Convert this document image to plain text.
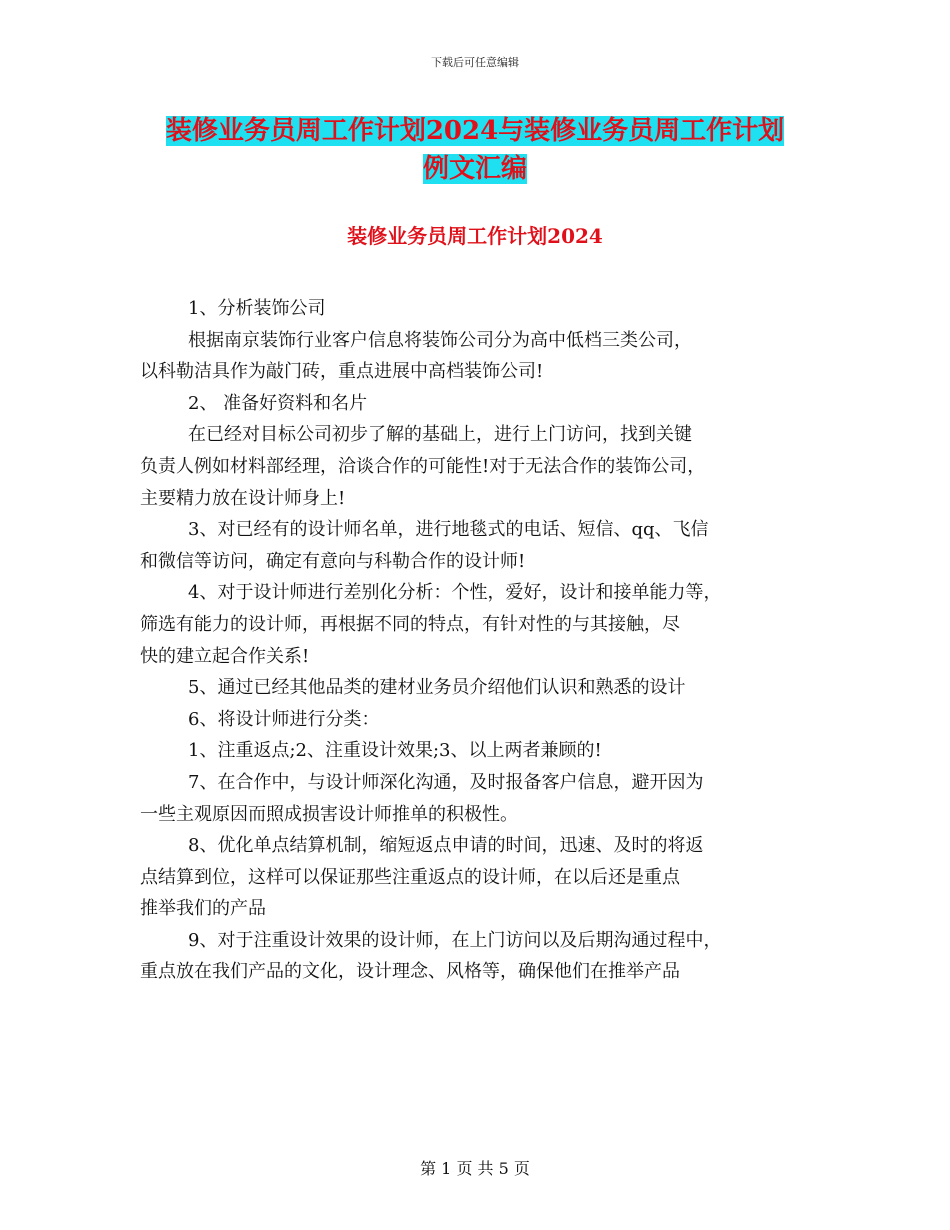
下载后可任意编辑
装修业务员周工作计划2024与装修业务员周工作计划
例文汇编
装修业务员周工作计划2024

1、分析装饰公司

根据南京装饰行业客户信息将装饰公司分为高中低档三类公司，

以科勒洁具作为敲门砖，重点进展中高档装饰公司!

2、 准备好资料和名片

在已经对目标公司初步了解的基础上，进行上门访问，找到关键

负责人例如材料部经理，洽谈合作的可能性!对于无法合作的装饰公司，

主要精力放在设计师身上!

3、对已经有的设计师名单，进行地毯式的电话、短信、qq、飞信

和微信等访问，确定有意向与科勒合作的设计师!

4、对于设计师进行差别化分析：个性，爱好，设计和接单能力等，

筛选有能力的设计师，再根据不同的特点，有针对性的与其接触，尽

快的建立起合作关系!

5、通过已经其他品类的建材业务员介绍他们认识和熟悉的设计

6、将设计师进行分类：

1、注重返点;2、注重设计效果;3、以上两者兼顾的!

7、在合作中，与设计师深化沟通，及时报备客户信息，避开因为

一些主观原因而照成损害设计师推单的积极性。

8、优化单点结算机制，缩短返点申请的时间，迅速、及时的将返

点结算到位，这样可以保证那些注重返点的设计师，在以后还是重点

推举我们的产品

9、对于注重设计效果的设计师，在上门访问以及后期沟通过程中，

重点放在我们产品的文化，设计理念、风格等，确保他们在推举产品

第 1 页 共 5 页
